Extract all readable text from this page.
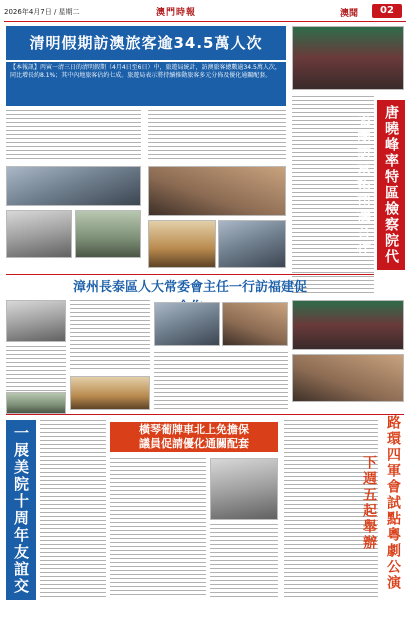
2026年4月7日 / 星期二	澳門時報	澳聞	02
清明假期訪澳旅客逾34.5萬人次
【本報訊】丙寅一清三日的清明假期（4月4日至6日）中，旅遊局統計，訪澳旅客總數逾34.5萬人次，同比增長約8.1%；其中內地旅客佔約七成。旅遊局表示將持續推動旅客多元分佈及優化通關配套。
唐曉峰率特區檢察院代表團訪京拓司法合作
漳州長泰區人大常委會主任一行訪福建促
一展美院十周年友誼交
橫琴葡牌車北上免擔保
議員促請優化通關配套	路環四軍會試點粵劇公演下週五起舉辦
